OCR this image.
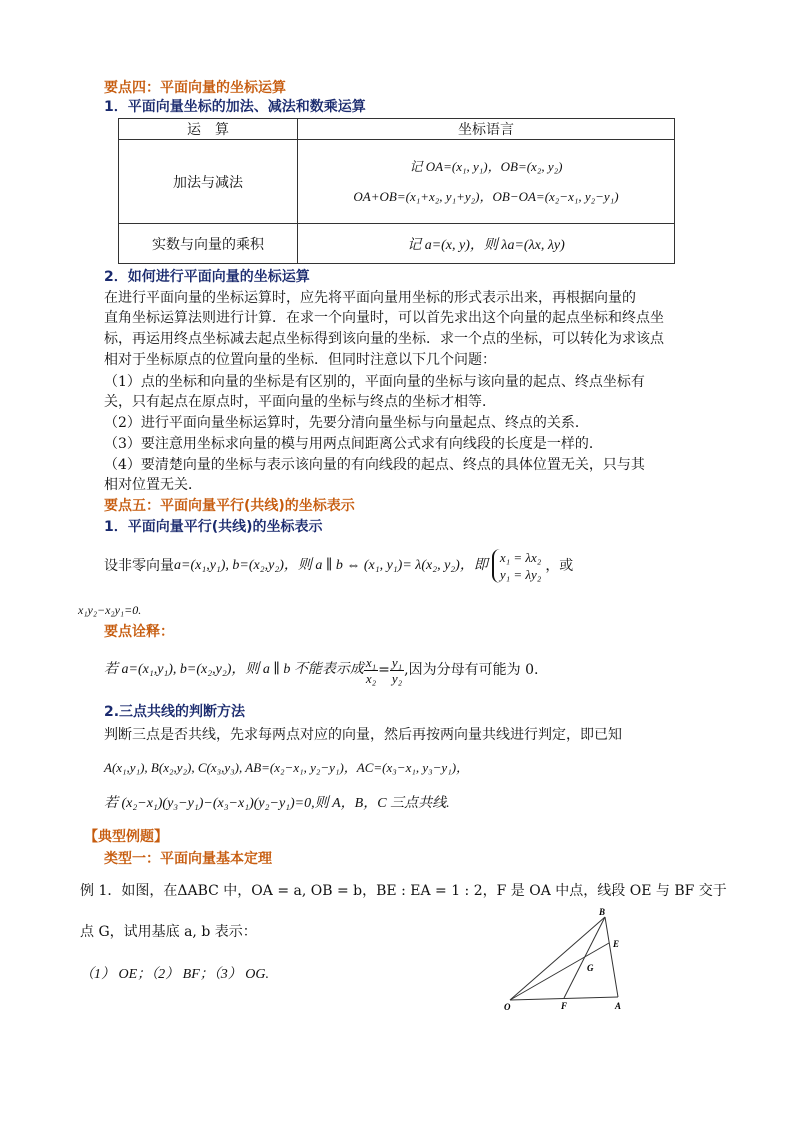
要点四：平面向量的坐标运算
1．平面向量坐标的加法、减法和数乘运算
运　算	坐标语言
加法与减法	记 OA=(x₁, y₁)，OB=(x₂, y₂)
OA+OB=(x₁+x₂, y₁+y₂)，OB−OA=(x₂−x₁, y₂−y₁)

实数与向量的乘积	记 a=(x, y)，则 λa=(λx, λy)
2．如何进行平面向量的坐标运算
在进行平面向量的坐标运算时，应先将平面向量用坐标的形式表示出来，再根据向量的
直角坐标运算法则进行计算．在求一个向量时，可以首先求出这个向量的起点坐标和终点坐
标，再运用终点坐标减去起点坐标得到该向量的坐标．求一个点的坐标，可以转化为求该点
相对于坐标原点的位置向量的坐标．但同时注意以下几个问题：
（1）点的坐标和向量的坐标是有区别的，平面向量的坐标与该向量的起点、终点坐标有
关，只有起点在原点时，平面向量的坐标与终点的坐标才相等．
（2）进行平面向量坐标运算时，先要分清向量坐标与向量起点、终点的关系．
（3）要注意用坐标求向量的模与用两点间距离公式求有向线段的长度是一样的．
（4）要清楚向量的坐标与表示该向量的有向线段的起点、终点的具体位置无关，只与其
相对位置无关．
要点五：平面向量平行(共线)的坐标表示
1．平面向量平行(共线)的坐标表示
设非零向量 a=(x₁,y₁), b=(x₂,y₂) ，则 a ∥ b ⇔ (x₁, y₁)= λ(x₂, y₂)，即
x₁ = λx₂
y₁ = λy₂
，或
x₁y₂−x₂y₁=0.
要点诠释：
若 a=(x₁,y₁), b=(x₂,y₂)，则 a ∥ b 不能表示成 $\frac{\text{x₁}}{\text{x₂}} = \frac{\text{y₁}}{\text{y₂}}$ ,因为分母有可能为 0.
2.三点共线的判断方法
判断三点是否共线，先求每两点对应的向量，然后再按两向量共线进行判定，即已知
A(x₁,y₁), B(x₂,y₂), C(x₃,y₃), AB=(x₂−x₁, y₂−y₁)，AC=(x₃−x₁, y₃−y₁)，
若 (x₂−x₁)(y₃−y₁)−(x₃−x₁)(y₂−y₁)=0,则 A，B，C 三点共线.
【典型例题】
类型一：平面向量基本定理
例 1．如图，在ΔABC 中，OA = a, OB = b，BE : EA = 1 : 2，F 是 OA 中点，线段 OE 与 BF 交于
点 G，试用基底 a, b 表示：
（1） OE；（2） BF；（3） OG.
B
E
G
O	F	A
